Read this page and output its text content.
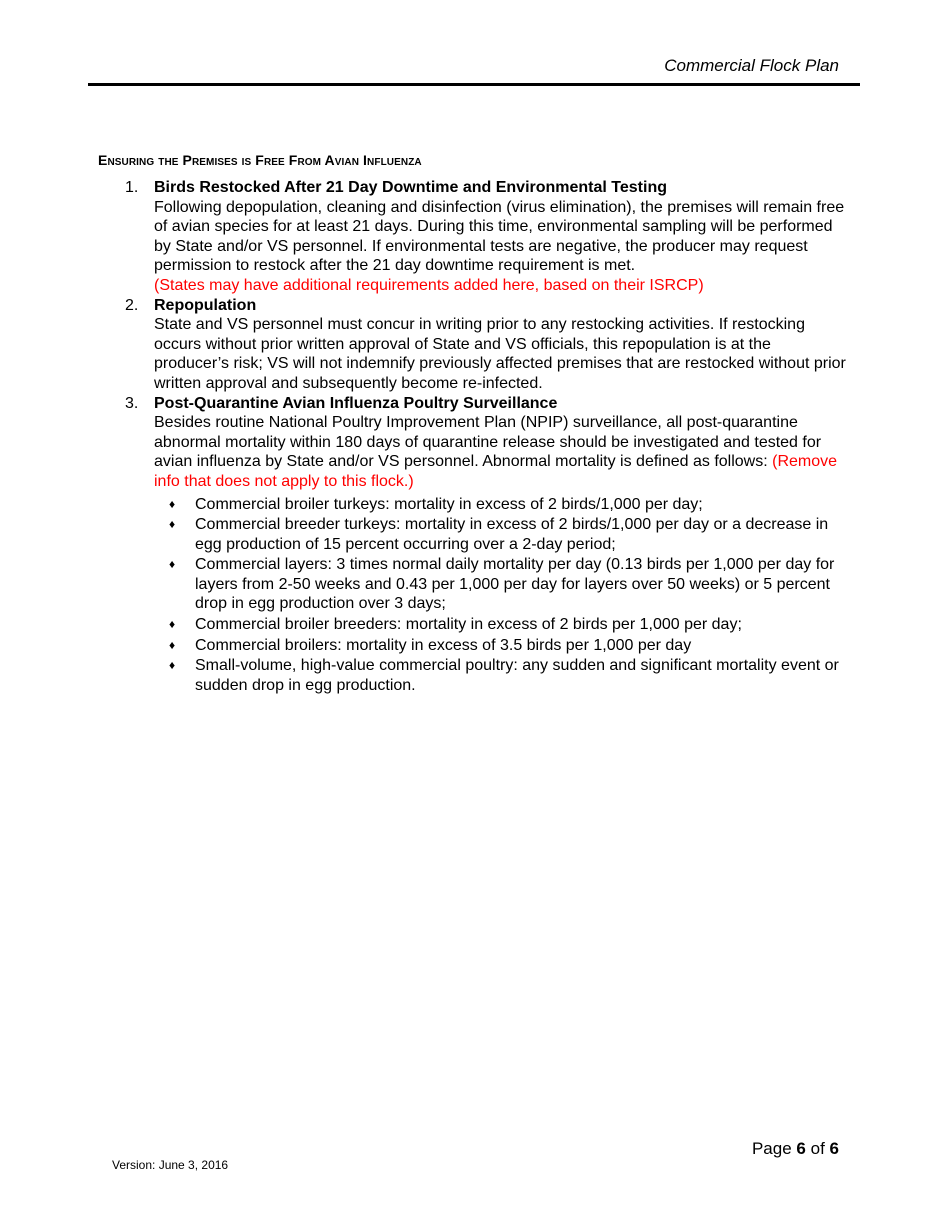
Commercial Flock Plan
Ensuring the Premises is Free From Avian Influenza
1. Birds Restocked After 21 Day Downtime and Environmental Testing
Following depopulation, cleaning and disinfection (virus elimination), the premises will remain free of avian species for at least 21 days. During this time, environmental sampling will be performed by State and/or VS personnel. If environmental tests are negative, the producer may request permission to restock after the 21 day downtime requirement is met.
(States may have additional requirements added here, based on their ISRCP)
2. Repopulation
State and VS personnel must concur in writing prior to any restocking activities. If restocking occurs without prior written approval of State and VS officials, this repopulation is at the producer’s risk; VS will not indemnify previously affected premises that are restocked without prior written approval and subsequently become re-infected.
3. Post-Quarantine Avian Influenza Poultry Surveillance
Besides routine National Poultry Improvement Plan (NPIP) surveillance, all post-quarantine abnormal mortality within 180 days of quarantine release should be investigated and tested for avian influenza by State and/or VS personnel. Abnormal mortality is defined as follows: (Remove info that does not apply to this flock.)
♦ Commercial broiler turkeys: mortality in excess of 2 birds/1,000 per day;
♦ Commercial breeder turkeys: mortality in excess of 2 birds/1,000 per day or a decrease in egg production of 15 percent occurring over a 2-day period;
♦ Commercial layers: 3 times normal daily mortality per day (0.13 birds per 1,000 per day for layers from 2-50 weeks and 0.43 per 1,000 per day for layers over 50 weeks) or 5 percent drop in egg production over 3 days;
♦ Commercial broiler breeders: mortality in excess of 2 birds per 1,000 per day;
♦ Commercial broilers: mortality in excess of 3.5 birds per 1,000 per day
♦ Small-volume, high-value commercial poultry: any sudden and significant mortality event or sudden drop in egg production.
Page 6 of 6
Version: June 3, 2016
